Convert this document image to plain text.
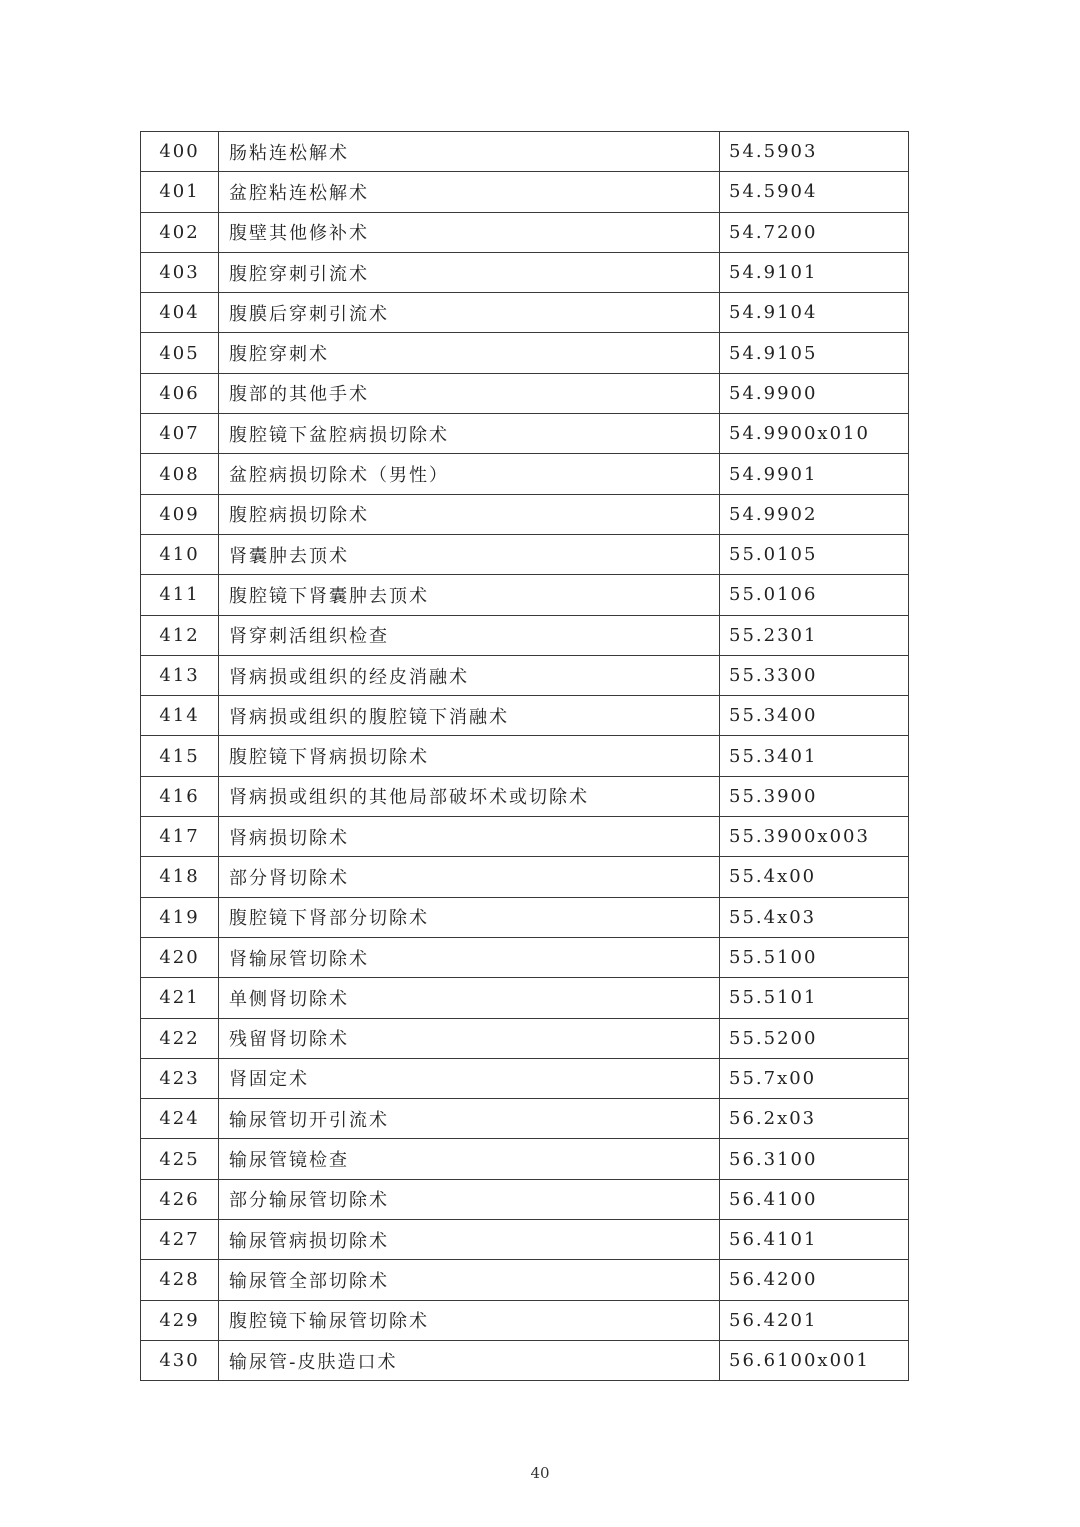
400	肠粘连松解术	54.5903
401	盆腔粘连松解术	54.5904
402	腹壁其他修补术	54.7200
403	腹腔穿刺引流术	54.9101
404	腹膜后穿刺引流术	54.9104
405	腹腔穿刺术	54.9105
406	腹部的其他手术	54.9900
407	腹腔镜下盆腔病损切除术	54.9900x010
408	盆腔病损切除术（男性）	54.9901
409	腹腔病损切除术	54.9902
410	肾囊肿去顶术	55.0105
411	腹腔镜下肾囊肿去顶术	55.0106
412	肾穿刺活组织检查	55.2301
413	肾病损或组织的经皮消融术	55.3300
414	肾病损或组织的腹腔镜下消融术	55.3400
415	腹腔镜下肾病损切除术	55.3401
416	肾病损或组织的其他局部破坏术或切除术	55.3900
417	肾病损切除术	55.3900x003
418	部分肾切除术	55.4x00
419	腹腔镜下肾部分切除术	55.4x03
420	肾输尿管切除术	55.5100
421	单侧肾切除术	55.5101
422	残留肾切除术	55.5200
423	肾固定术	55.7x00
424	输尿管切开引流术	56.2x03
425	输尿管镜检查	56.3100
426	部分输尿管切除术	56.4100
427	输尿管病损切除术	56.4101
428	输尿管全部切除术	56.4200
429	腹腔镜下输尿管切除术	56.4201
430	输尿管-皮肤造口术	56.6100x001
40
